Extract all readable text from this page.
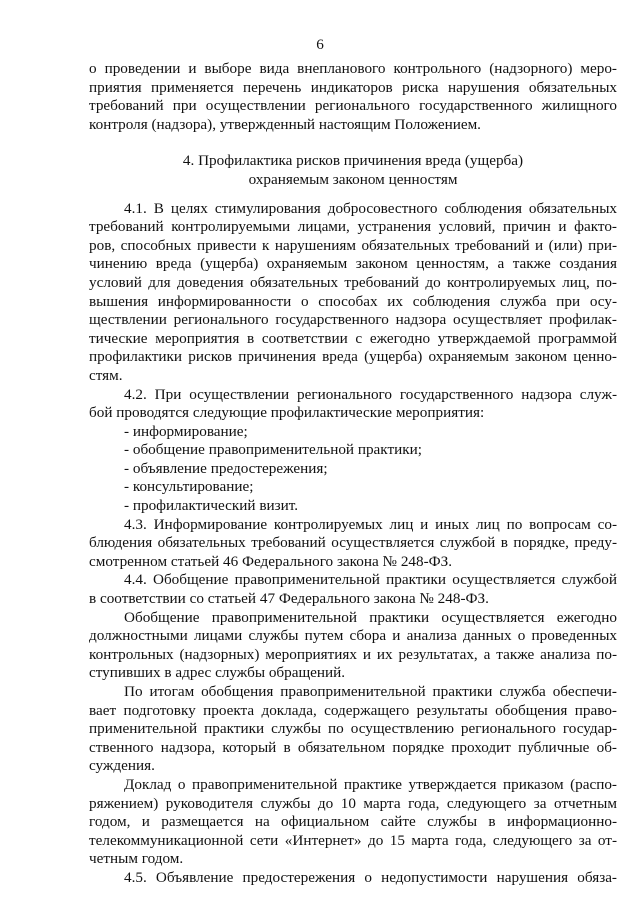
6
о проведении и выборе вида внепланового контрольного (надзорного) меро-
приятия применяется перечень индикаторов риска нарушения обязательных
требований при осуществлении регионального государственного жилищного
контроля (надзора), утвержденный настоящим Положением.
4. Профилактика рисков причинения вреда (ущерба)
охраняемым законом ценностям
4.1. В целях стимулирования добросовестного соблюдения обязательных
требований контролируемыми лицами, устранения условий, причин и факто-
ров, способных привести к нарушениям обязательных требований и (или) при-
чинению вреда (ущерба) охраняемым законом ценностям, а также создания
условий для доведения обязательных требований до контролируемых лиц, по-
вышения информированности о способах их соблюдения служба при осу-
ществлении регионального государственного надзора осуществляет профилак-
тические мероприятия в соответствии с ежегодно утверждаемой программой
профилактики рисков причинения вреда (ущерба) охраняемым законом ценно-
стям.
4.2. При осуществлении регионального государственного надзора служ-
бой проводятся следующие профилактические мероприятия:
- информирование;
- обобщение правоприменительной практики;
- объявление предостережения;
- консультирование;
- профилактический визит.
4.3. Информирование контролируемых лиц и иных лиц по вопросам со-
блюдения обязательных требований осуществляется службой в порядке, преду-
смотренном статьей 46 Федерального закона № 248-ФЗ.
4.4. Обобщение правоприменительной практики осуществляется службой
в соответствии со статьей 47 Федерального закона № 248-ФЗ.
Обобщение правоприменительной практики осуществляется ежегодно
должностными лицами службы путем сбора и анализа данных о проведенных
контрольных (надзорных) мероприятиях и их результатах, а также анализа по-
ступивших в адрес службы обращений.
По итогам обобщения правоприменительной практики служба обеспечи-
вает подготовку проекта доклада, содержащего результаты обобщения право-
применительной практики службы по осуществлению регионального государ-
ственного надзора, который в обязательном порядке проходит публичные об-
суждения.
Доклад о правоприменительной практике утверждается приказом (распо-
ряжением) руководителя службы до 10 марта года, следующего за отчетным
годом, и размещается на официальном сайте службы в информационно-
телекоммуникационной сети «Интернет» до 15 марта года, следующего за от-
четным годом.
4.5. Объявление предостережения о недопустимости нарушения обяза-
